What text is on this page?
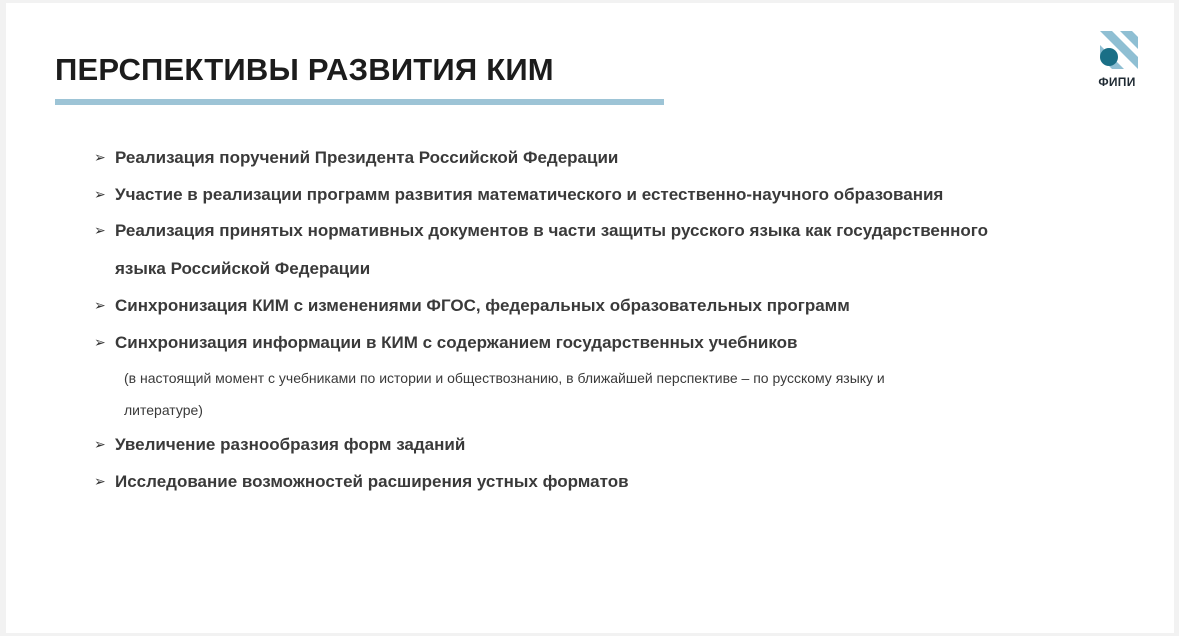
ПЕРСПЕКТИВЫ РАЗВИТИЯ КИМ	ФИПИ
➢ Реализация поручений Президента Российской Федерации
➢ Участие в реализации программ развития математического и естественно-научного образования
➢ Реализация принятых нормативных документов в части защиты русского языка как государственного
языка Российской Федерации
➢ Синхронизация КИМ с изменениями ФГОС, федеральных образовательных программ
➢ Синхронизация информации в КИМ с содержанием государственных учебников
(в настоящий момент с учебниками по истории и обществознанию, в ближайшей перспективе – по русскому языку и
литературе)
➢ Увеличение разнообразия форм заданий
➢ Исследование возможностей расширения устных форматов
